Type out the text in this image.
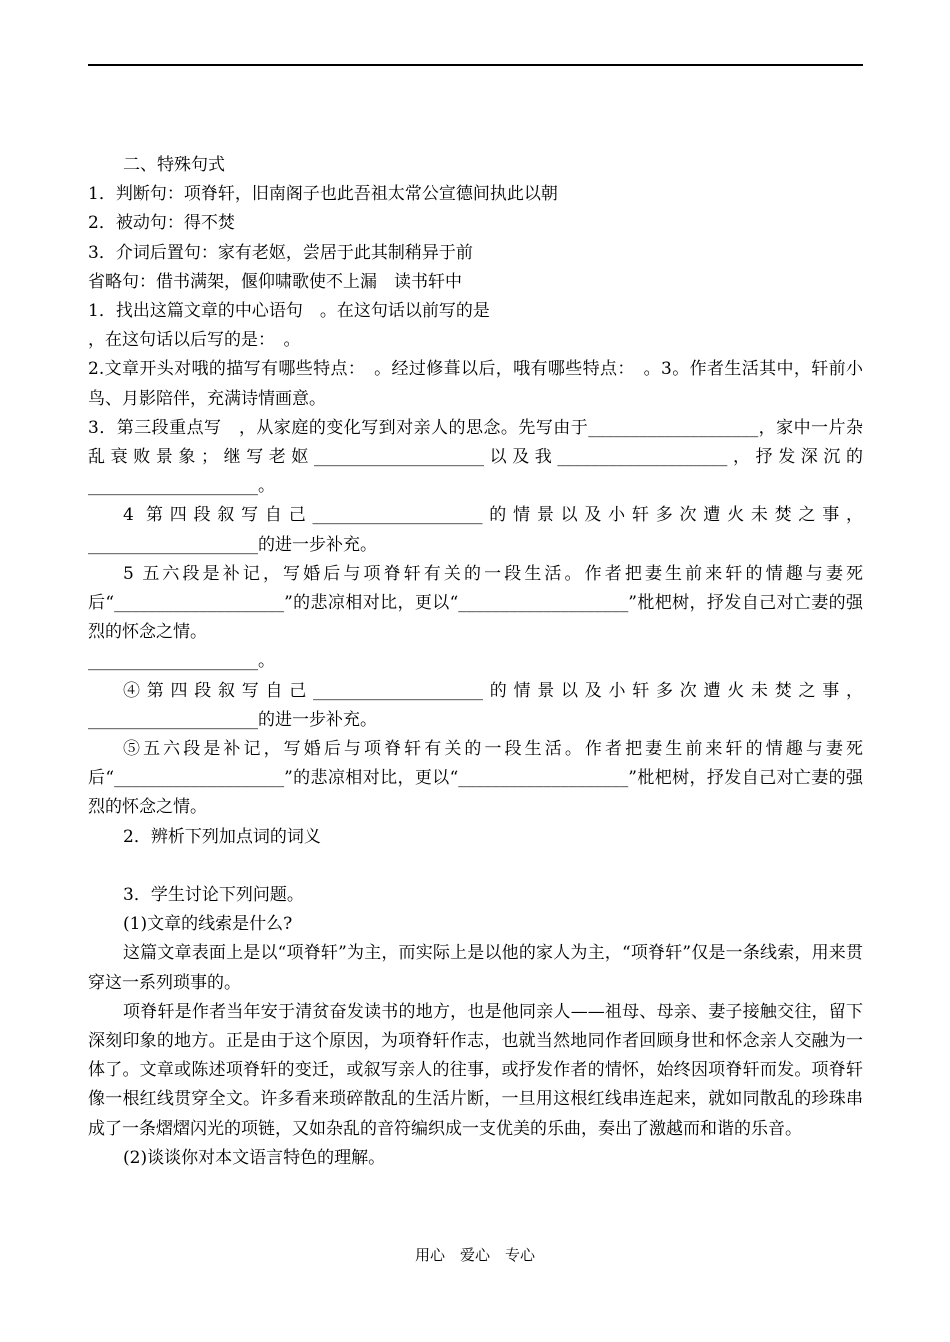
二、特殊句式

1．判断句：项脊轩，旧南阁子也此吾祖太常公宣德间执此以朝

2．被动句：得不焚

3．介词后置句：家有老妪，尝居于此其制稍异于前

省略句：借书满架，偃仰啸歌使不上漏　读书轩中

1．找出这篇文章的中心语句　。在这句话以前写的是

，在这句话以后写的是：　。

2.文章开头对哦的描写有哪些特点：　。经过修葺以后，哦有哪些特点：　。3。作者生活其中，轩前小鸟、月影陪伴，充满诗情画意。

3．第三段重点写　，从家庭的变化写到对亲人的思念。先写由于____________________，家中一片杂乱衰败景象；继写老妪____________________以及我____________________，抒发深沉的____________________。

4 第四段叙写自己____________________的情景以及小轩多次遭火未焚之事，____________________的进一步补充。

5 五六段是补记，写婚后与项脊轩有关的一段生活。作者把妻生前来轩的情趣与妻死后“____________________”的悲凉相对比，更以“____________________”枇杷树，抒发自己对亡妻的强烈的怀念之情。

____________________。

④第四段叙写自己____________________的情景以及小轩多次遭火未焚之事，____________________的进一步补充。

⑤五六段是补记，写婚后与项脊轩有关的一段生活。作者把妻生前来轩的情趣与妻死后“____________________”的悲凉相对比，更以“____________________”枇杷树，抒发自己对亡妻的强烈的怀念之情。

2．辨析下列加点词的词义

3．学生讨论下列问题。

(1)文章的线索是什么?

这篇文章表面上是以“项脊轩”为主，而实际上是以他的家人为主，“项脊轩”仅是一条线索，用来贯穿这一系列琐事的。

项脊轩是作者当年安于清贫奋发读书的地方，也是他同亲人——祖母、母亲、妻子接触交往，留下深刻印象的地方。正是由于这个原因，为项脊轩作志，也就当然地同作者回顾身世和怀念亲人交融为一体了。文章或陈述项脊轩的变迁，或叙写亲人的往事，或抒发作者的情怀，始终因项脊轩而发。项脊轩像一根红线贯穿全文。许多看来琐碎散乱的生活片断，一旦用这根红线串连起来，就如同散乱的珍珠串成了一条熠熠闪光的项链，又如杂乱的音符编织成一支优美的乐曲，奏出了激越而和谐的乐音。

(2)谈谈你对本文语言特色的理解。

用心　爱心　专心
